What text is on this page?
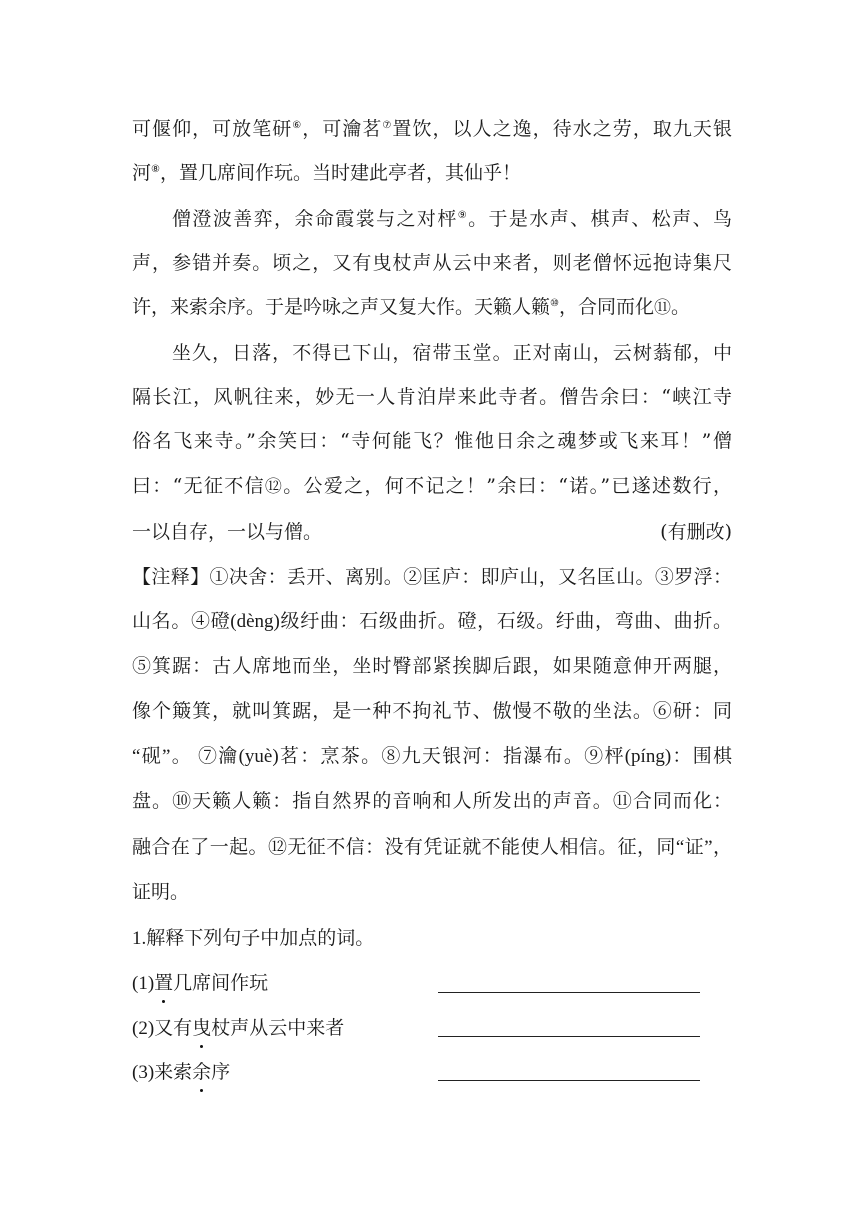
可偃仰，可放笔研⑥，可瀹茗⑦置饮，以人之逸，待水之劳，取九天银
河⑧，置几席间作玩。当时建此亭者，其仙乎！
僧澄波善弈，余命霞裳与之对枰⑨。于是水声、棋声、松声、鸟
声，参错并奏。顷之，又有曳杖声从云中来者，则老僧怀远抱诗集尺
许，来索余序。于是吟咏之声又复大作。天籁人籁⑩，合同而化⑪。
坐久，日落，不得已下山，宿带玉堂。正对南山，云树蓊郁，中
隔长江，风帆往来，妙无一人肯泊岸来此寺者。僧告余曰：“峡江寺
俗名飞来寺。”余笑曰：“寺何能飞？惟他日余之魂梦或飞来耳！”僧
曰：“无征不信⑫。公爱之，何不记之！”余曰：“诺。”已遂述数行，
一以自存，一以与僧。	(有删改)
【注释】①决舍：丢开、离别。②匡庐：即庐山，又名匡山。③罗浮：
山名。④磴(dèng)级纡曲：石级曲折。磴，石级。纡曲，弯曲、曲折。
⑤箕踞：古人席地而坐，坐时臀部紧挨脚后跟，如果随意伸开两腿，
像个簸箕，就叫箕踞，是一种不拘礼节、傲慢不敬的坐法。⑥研：同
“砚”。 ⑦瀹(yuè)茗：烹茶。⑧九天银河：指瀑布。⑨枰(píng)：围棋
盘。⑩天籁人籁：指自然界的音响和人所发出的声音。⑪合同而化：
融合在了一起。⑫无征不信：没有凭证就不能使人相信。征，同“证”，
证明。
1.解释下列句子中加点的词。
(1)置几席间作玩
(2)又有曳杖声从云中来者
(3)来索余序
